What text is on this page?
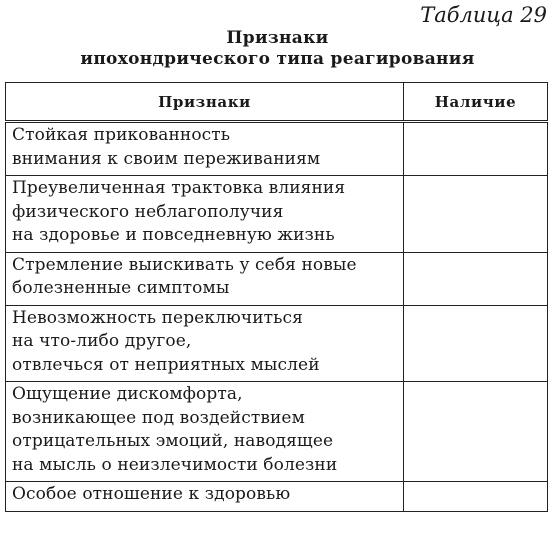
Таблица 29
Признаки
ипохондрического типа реагирования
Признаки	Наличие

Стойкая прикованность
внимания к своим переживаниям	

Преувеличенная трактовка влияния
физического неблагополучия
на здоровье и повседневную жизнь	

Стремление выискивать у себя новые
болезненные симптомы	

Невозможность переключиться
на что-либо другое,
отвлечься от неприятных мыслей	

Ощущение дискомфорта,
возникающее под воздействием
отрицательных эмоций, наводящее
на мысль о неизлечимости болезни	

Особое отношение к здоровью	
